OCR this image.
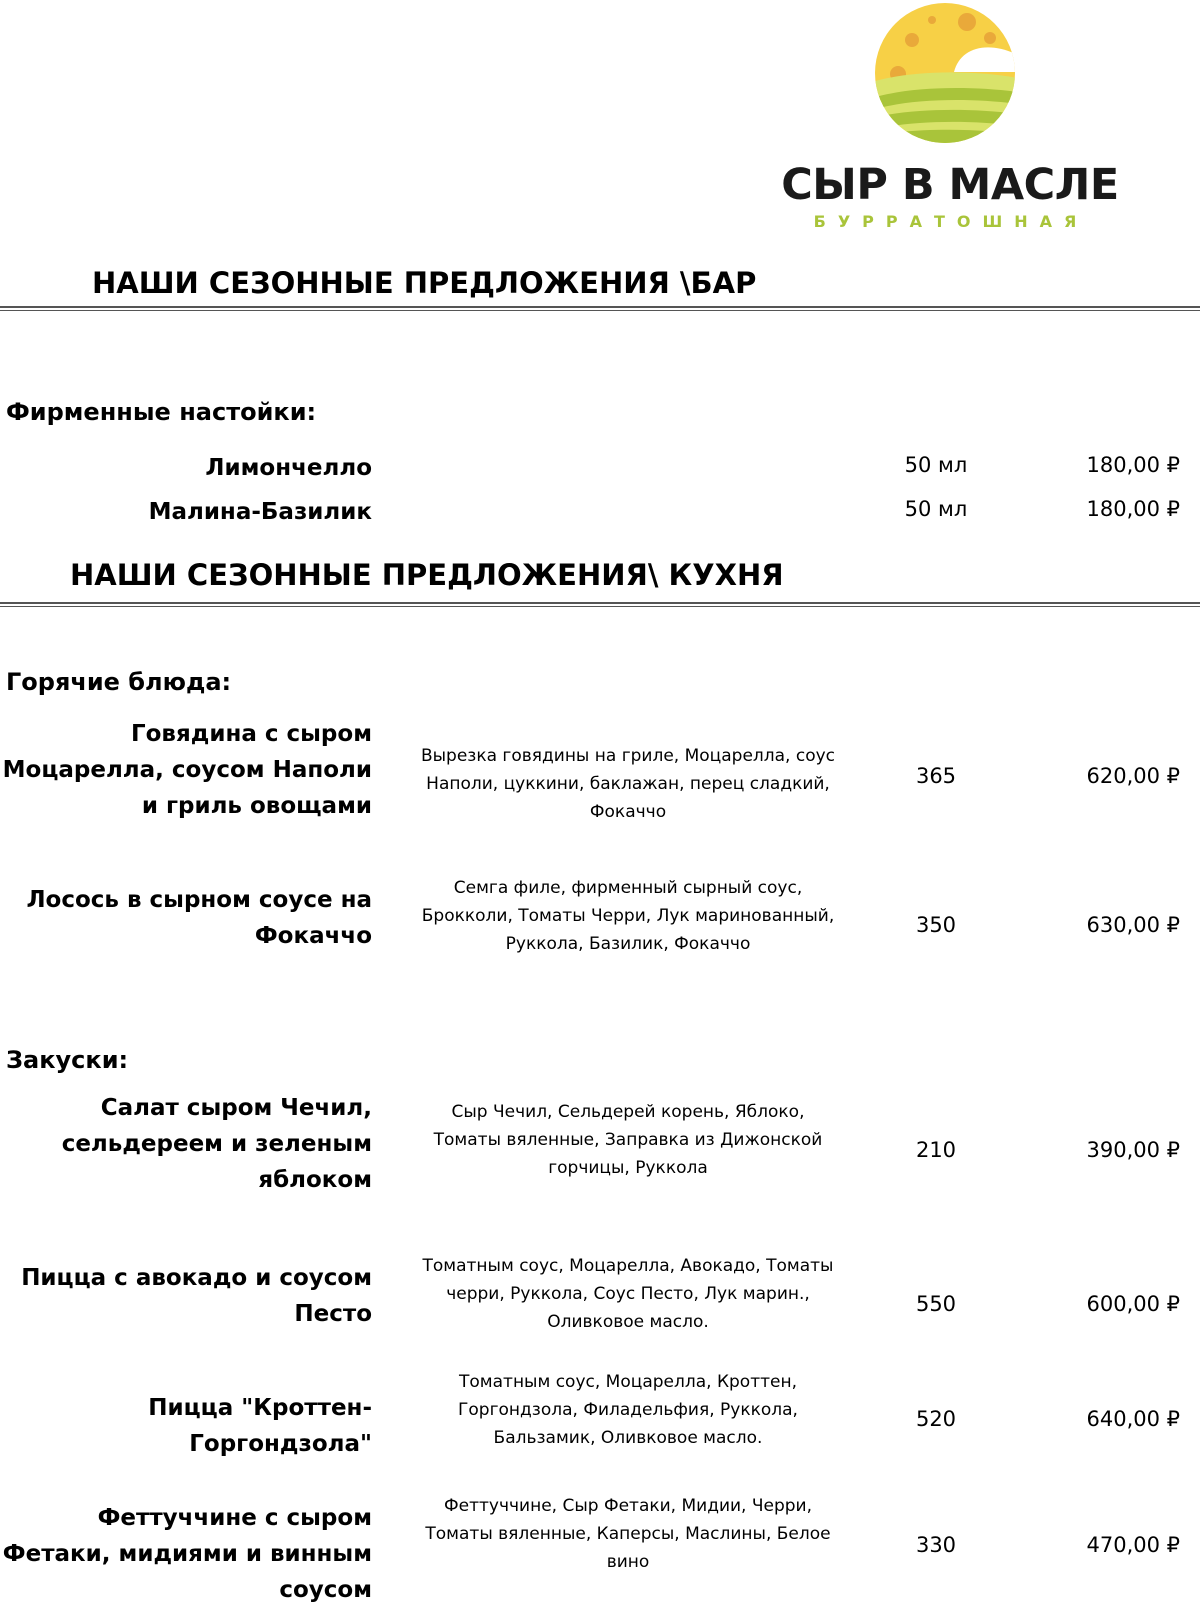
СЫР В МАСЛЕ
БУРРАТОШНАЯ
НАШИ СЕЗОННЫЕ ПРЕДЛОЖЕНИЯ \БАР
Фирменные настойки:
Лимончелло	50 мл	180,00 ₽
Малина-Базилик	50 мл	180,00 ₽
НАШИ СЕЗОННЫЕ ПРЕДЛОЖЕНИЯ\ КУХНЯ
Горячие блюда:
Говядина с сыром Моцарелла, соусом Наполи и гриль овощами
Вырезка говядины на гриле, Моцарелла, соус Наполи, цуккини, баклажан, перец сладкий, Фокаччо
365	620,00 ₽
Лосось в сырном соусе на Фокаччо
Семга филе, фирменный сырный соус, Брокколи, Томаты Черри, Лук маринованный, Руккола, Базилик, Фокаччо
350	630,00 ₽
Закуски:
Салат сыром Чечил, сельдереем и зеленым яблоком
Сыр Чечил, Сельдерей корень, Яблоко, Томаты вяленные, Заправка из Дижонской горчицы, Руккола
210	390,00 ₽
Пицца с авокадо и соусом Песто
Томатным соус, Моцарелла, Авокадо, Томаты черри, Руккола, Соус Песто, Лук марин., Оливковое масло.
550	600,00 ₽
Пицца "Кроттен-Горгондзола"
Томатным соус, Моцарелла, Кроттен, Горгондзола, Филадельфия, Руккола, Бальзамик, Оливковое масло.
520	640,00 ₽
Феттуччине с сыром Фетаки, мидиями и винным соусом
Феттуччине, Сыр Фетаки, Мидии, Черри, Томаты вяленные, Каперсы, Маслины, Белое вино
330	470,00 ₽
